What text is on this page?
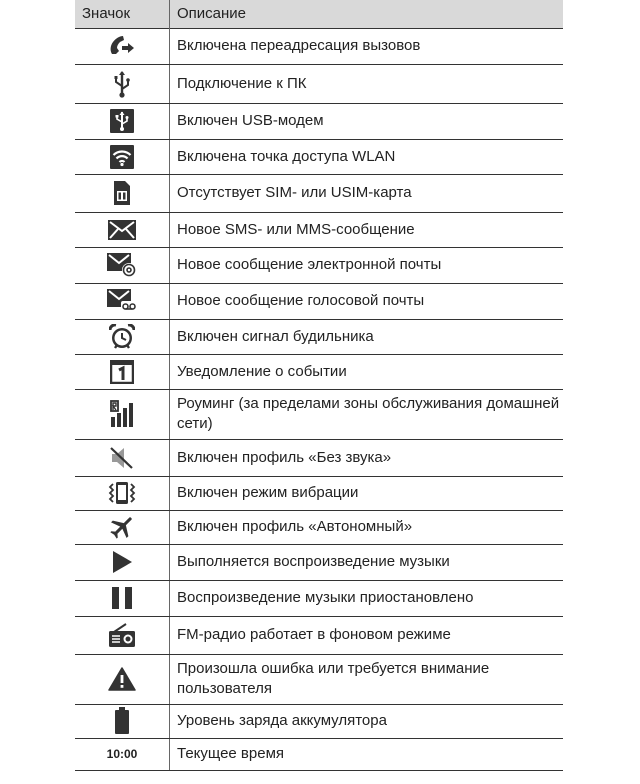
Значок	Описание

	Включена переадресация вызовов

	Подключение к ПК

	Включен USB-модем

	Включена точка доступа WLAN

	Отсутствует SIM- или USIM-карта

	Новое SMS- или MMS-сообщение

	Новое сообщение электронной почты

	Новое сообщение голосовой почты

	Включен сигнал будильника

	Уведомление о событии

	Роуминг (за пределами зоны обслуживания домашней сети)

	Включен профиль «Без звука»

	Включен режим вибрации

	Включен профиль «Автономный»

	Выполняется воспроизведение музыки

	Воспроизведение музыки приостановлено

	FM-радио работает в фоновом режиме

	Произошла ошибка или требуется внимание пользователя

	Уровень заряда аккумулятора
10:00	Текущее время
